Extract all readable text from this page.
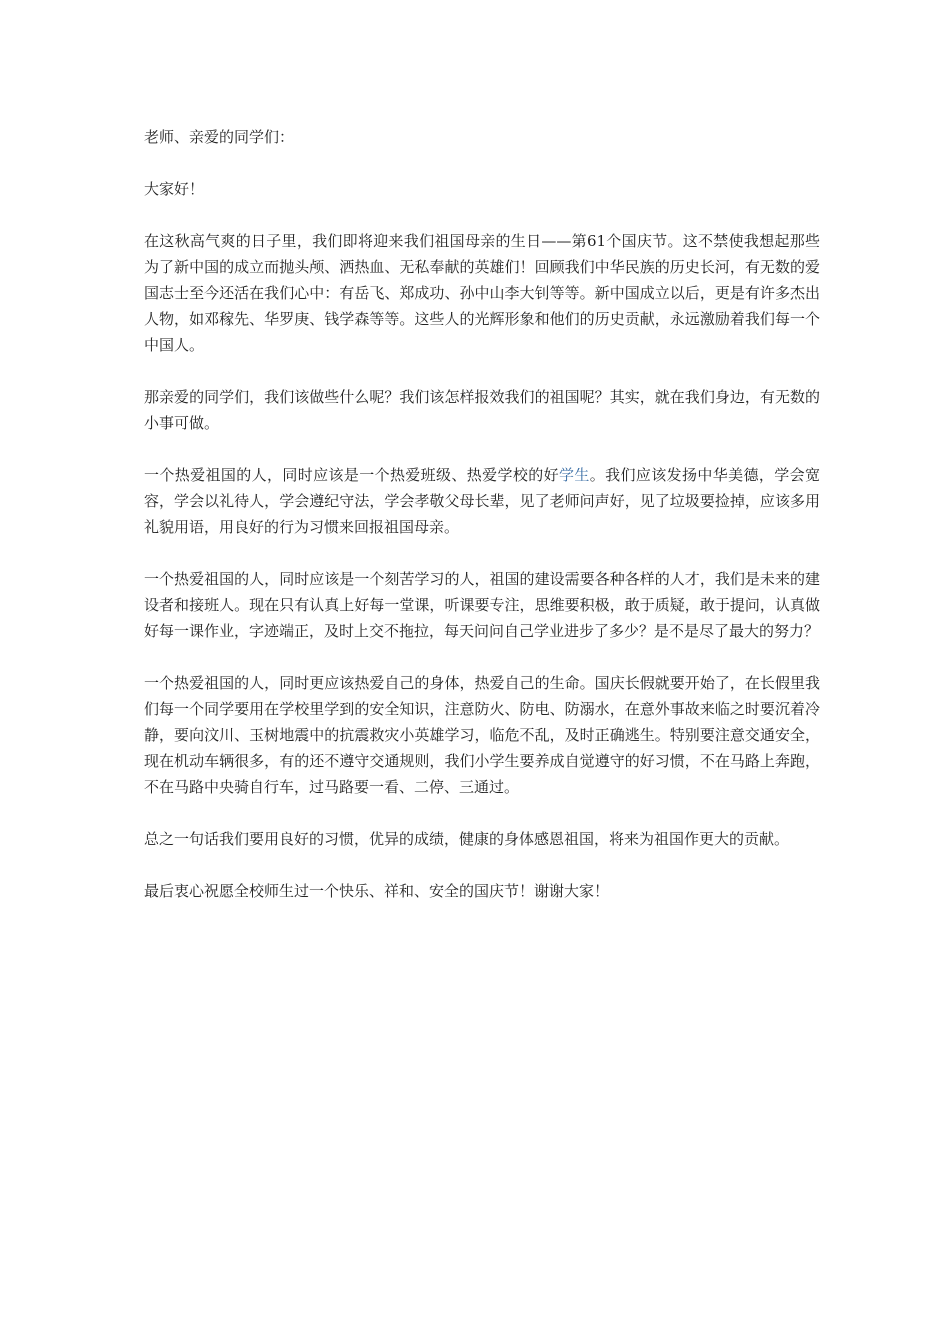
老师、亲爱的同学们：

大家好！

在这秋高气爽的日子里，我们即将迎来我们祖国母亲的生日——第61个国庆节。这不禁使我想起那些为了新中国的成立而抛头颅、洒热血、无私奉献的英雄们！回顾我们中华民族的历史长河，有无数的爱国志士至今还活在我们心中：有岳飞、郑成功、孙中山李大钊等等。新中国成立以后，更是有许多杰出人物，如邓稼先、华罗庚、钱学森等等。这些人的光辉形象和他们的历史贡献，永远激励着我们每一个中国人。

那亲爱的同学们，我们该做些什么呢？我们该怎样报效我们的祖国呢？其实，就在我们身边，有无数的小事可做。

一个热爱祖国的人，同时应该是一个热爱班级、热爱学校的好学生。我们应该发扬中华美德，学会宽容，学会以礼待人，学会遵纪守法，学会孝敬父母长辈，见了老师问声好，见了垃圾要捡掉，应该多用礼貌用语，用良好的行为习惯来回报祖国母亲。

一个热爱祖国的人，同时应该是一个刻苦学习的人，祖国的建设需要各种各样的人才，我们是未来的建设者和接班人。现在只有认真上好每一堂课，听课要专注，思维要积极，敢于质疑，敢于提问，认真做好每一课作业，字迹端正，及时上交不拖拉，每天问问自己学业进步了多少？是不是尽了最大的努力？

一个热爱祖国的人，同时更应该热爱自己的身体，热爱自己的生命。国庆长假就要开始了，在长假里我们每一个同学要用在学校里学到的安全知识，注意防火、防电、防溺水，在意外事故来临之时要沉着冷静，要向汶川、玉树地震中的抗震救灾小英雄学习，临危不乱，及时正确逃生。特别要注意交通安全，现在机动车辆很多，有的还不遵守交通规则，我们小学生要养成自觉遵守的好习惯，不在马路上奔跑，不在马路中央骑自行车，过马路要一看、二停、三通过。

总之一句话我们要用良好的习惯，优异的成绩，健康的身体感恩祖国，将来为祖国作更大的贡献。

最后衷心祝愿全校师生过一个快乐、祥和、安全的国庆节！谢谢大家！
